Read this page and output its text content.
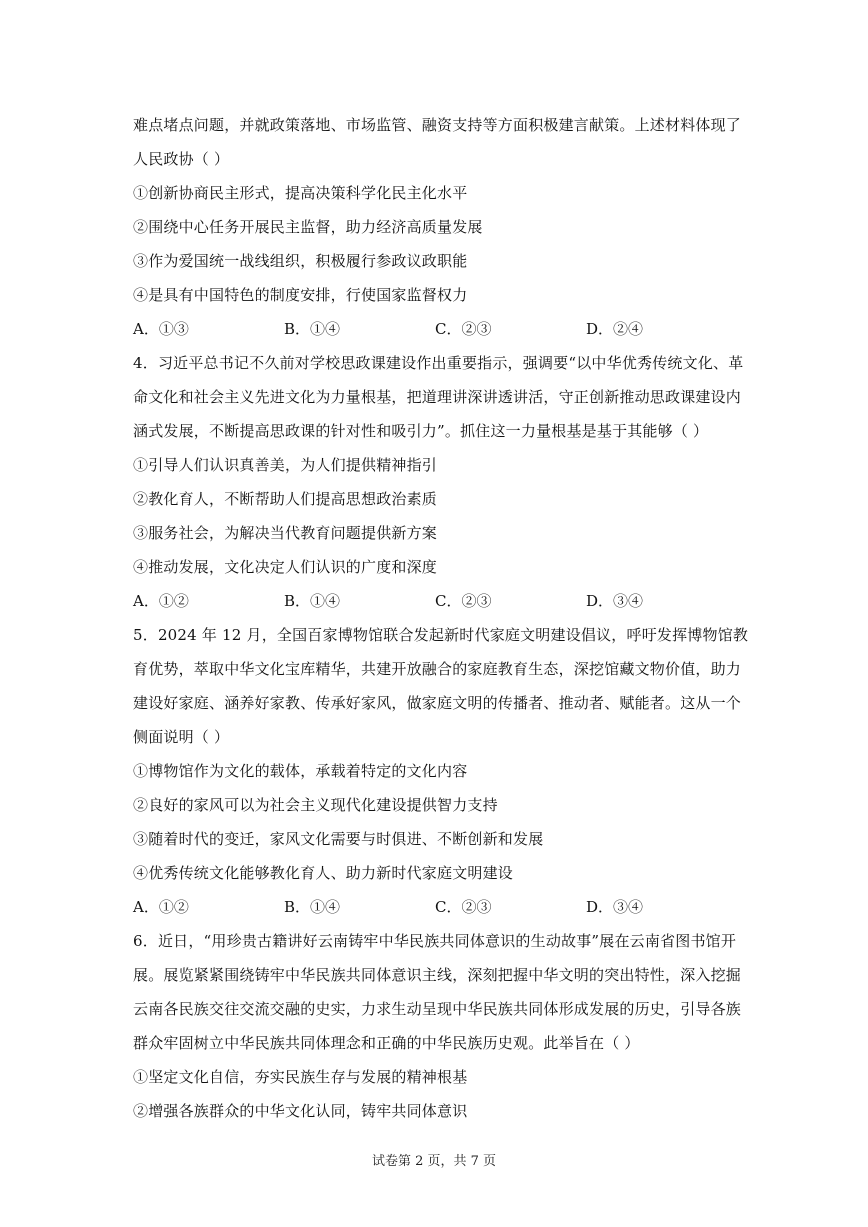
难点堵点问题，并就政策落地、市场监管、融资支持等方面积极建言献策。上述材料体现了
人民政协（ ）
①创新协商民主形式，提高决策科学化民主化水平
②围绕中心任务开展民主监督，助力经济高质量发展
③作为爱国统一战线组织，积极履行参政议政职能
④是具有中国特色的制度安排，行使国家监督权力
A．①③	B．①④	C．②③	D．②④
4．习近平总书记不久前对学校思政课建设作出重要指示，强调要“以中华优秀传统文化、革
命文化和社会主义先进文化为力量根基，把道理讲深讲透讲活，守正创新推动思政课建设内
涵式发展，不断提高思政课的针对性和吸引力”。抓住这一力量根基是基于其能够（ ）
①引导人们认识真善美，为人们提供精神指引
②教化育人，不断帮助人们提高思想政治素质
③服务社会，为解决当代教育问题提供新方案
④推动发展，文化决定人们认识的广度和深度
A．①②	B．①④	C．②③	D．③④
5．2024 年 12 月，全国百家博物馆联合发起新时代家庭文明建设倡议，呼吁发挥博物馆教
育优势，萃取中华文化宝库精华，共建开放融合的家庭教育生态，深挖馆藏文物价值，助力
建设好家庭、涵养好家教、传承好家风，做家庭文明的传播者、推动者、赋能者。这从一个
侧面说明（ ）
①博物馆作为文化的载体，承载着特定的文化内容
②良好的家风可以为社会主义现代化建设提供智力支持
③随着时代的变迁，家风文化需要与时俱进、不断创新和发展
④优秀传统文化能够教化育人、助力新时代家庭文明建设
A．①②	B．①④	C．②③	D．③④
6．近日，“用珍贵古籍讲好云南铸牢中华民族共同体意识的生动故事”展在云南省图书馆开
展。展览紧紧围绕铸牢中华民族共同体意识主线，深刻把握中华文明的突出特性，深入挖掘
云南各民族交往交流交融的史实，力求生动呈现中华民族共同体形成发展的历史，引导各族
群众牢固树立中华民族共同体理念和正确的中华民族历史观。此举旨在（ ）
①坚定文化自信，夯实民族生存与发展的精神根基
②增强各族群众的中华文化认同，铸牢共同体意识
试卷第 2 页，共 7 页
